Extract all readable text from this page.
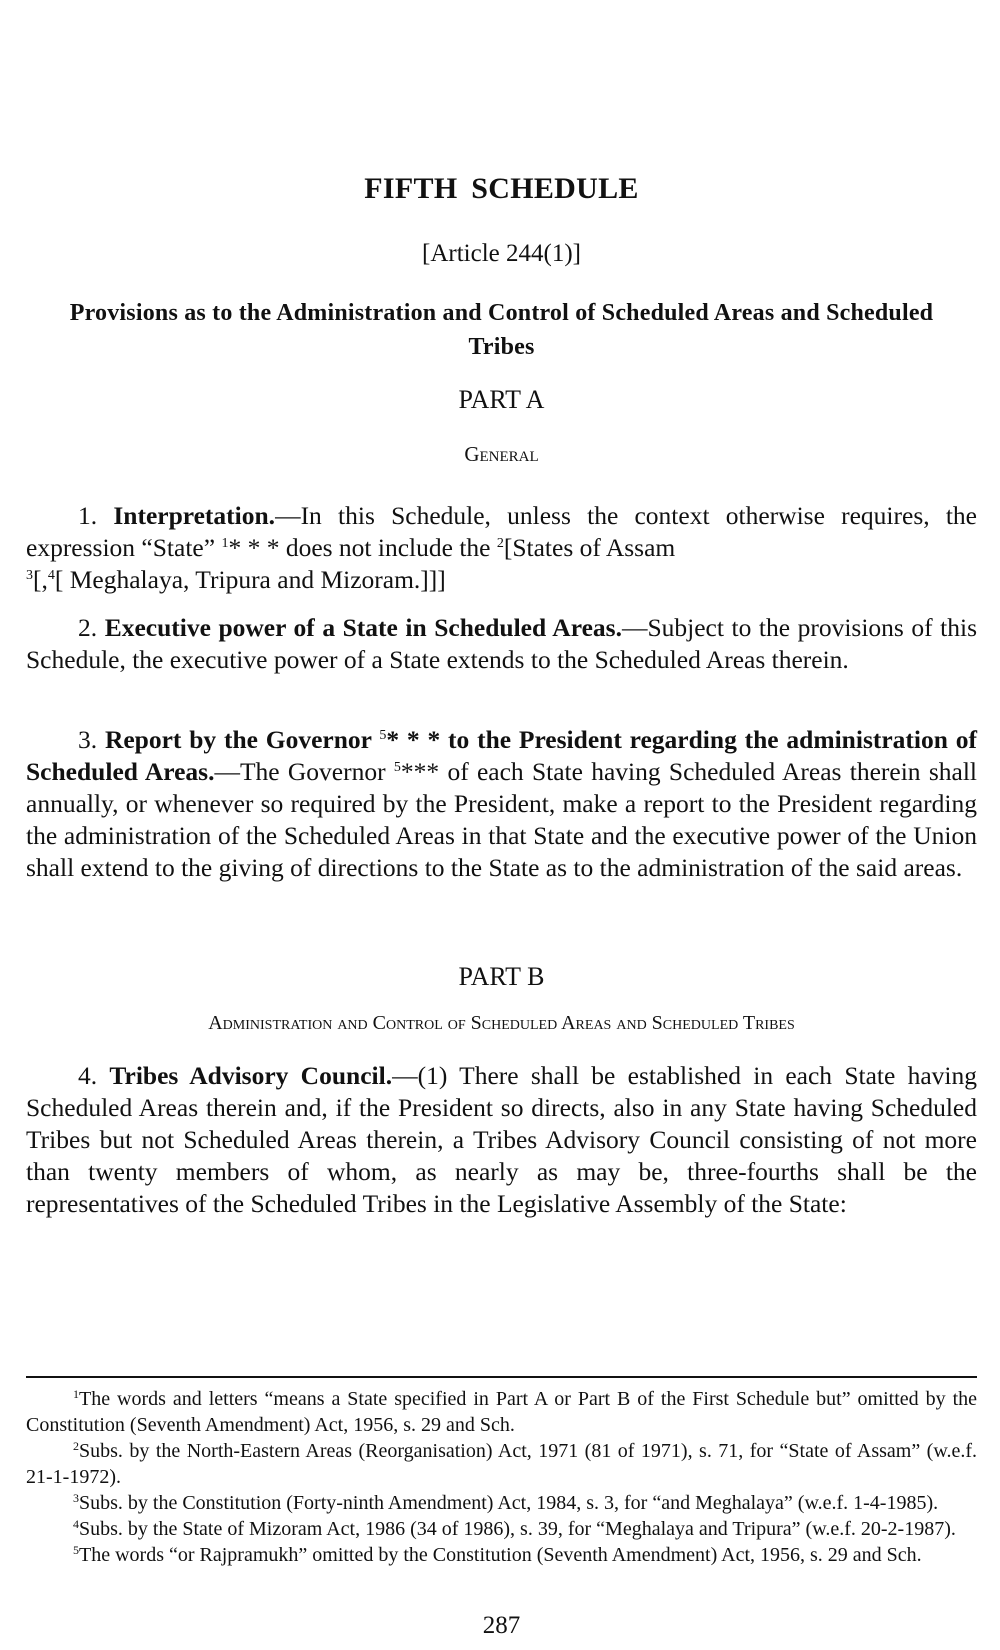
FIFTH SCHEDULE
[Article 244(1)]
Provisions as to the Administration and Control of Scheduled Areas and Scheduled Tribes
PART A
General
1. Interpretation.—In this Schedule, unless the context otherwise requires, the expression “State” $^1$* * * does not include the $^2$[States of Assam
$^3$[,$^4$[ Meghalaya, Tripura and Mizoram.]]]
2. Executive power of a State in Scheduled Areas.—Subject to the provisions of this Schedule, the executive power of a State extends to the Scheduled Areas therein.
3. Report by the Governor $^5$* * * to the President regarding the administration of Scheduled Areas.—The Governor $^5$*** of each State having Scheduled Areas therein shall annually, or whenever so required by the President, make a report to the President regarding the administration of the Scheduled Areas in that State and the executive power of the Union shall extend to the giving of directions to the State as to the administration of the said areas.
PART B
Administration and Control of Scheduled Areas and Scheduled Tribes
4. Tribes Advisory Council.—(1) There shall be established in each State having Scheduled Areas therein and, if the President so directs, also in any State having Scheduled Tribes but not Scheduled Areas therein, a Tribes Advisory Council consisting of not more than twenty members of whom, as nearly as may be, three-fourths shall be the representatives of the Scheduled Tribes in the Legislative Assembly of the State:

$^1$The words and letters “means a State specified in Part A or Part B of the First Schedule but” omitted by the Constitution (Seventh Amendment) Act, 1956, s. 29 and Sch.

$^2$Subs. by the North-Eastern Areas (Reorganisation) Act, 1971 (81 of 1971), s. 71, for “State of Assam” (w.e.f. 21-1-1972).

$^3$Subs. by the Constitution (Forty-ninth Amendment) Act, 1984, s. 3, for “and Meghalaya” (w.e.f. 1-4-1985).

$^4$Subs. by the State of Mizoram Act, 1986 (34 of 1986), s. 39, for “Meghalaya and Tripura” (w.e.f. 20-2-1987).

$^5$The words “or Rajpramukh” omitted by the Constitution (Seventh Amendment) Act, 1956, s. 29 and Sch.

287
